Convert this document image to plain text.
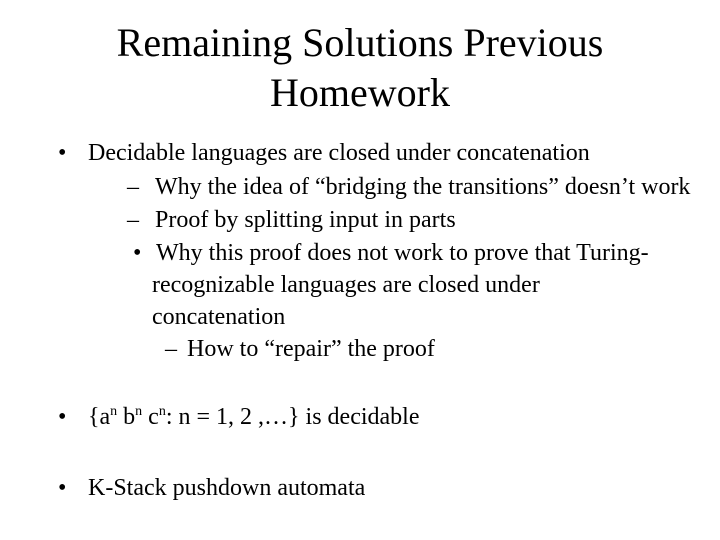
Remaining Solutions Previous
Homework
• Decidable languages are closed under concatenation
– Why the idea of “bridging the transitions” doesn’t work
– Proof by splitting input in parts
• Why this proof does not work to prove that Turing-
recognizable languages are closed under
concatenation
– How to “repair” the proof
• {$a^n$ $b^n$ $c^n$: n = 1, 2 ,…} is decidable
• K-Stack pushdown automata
